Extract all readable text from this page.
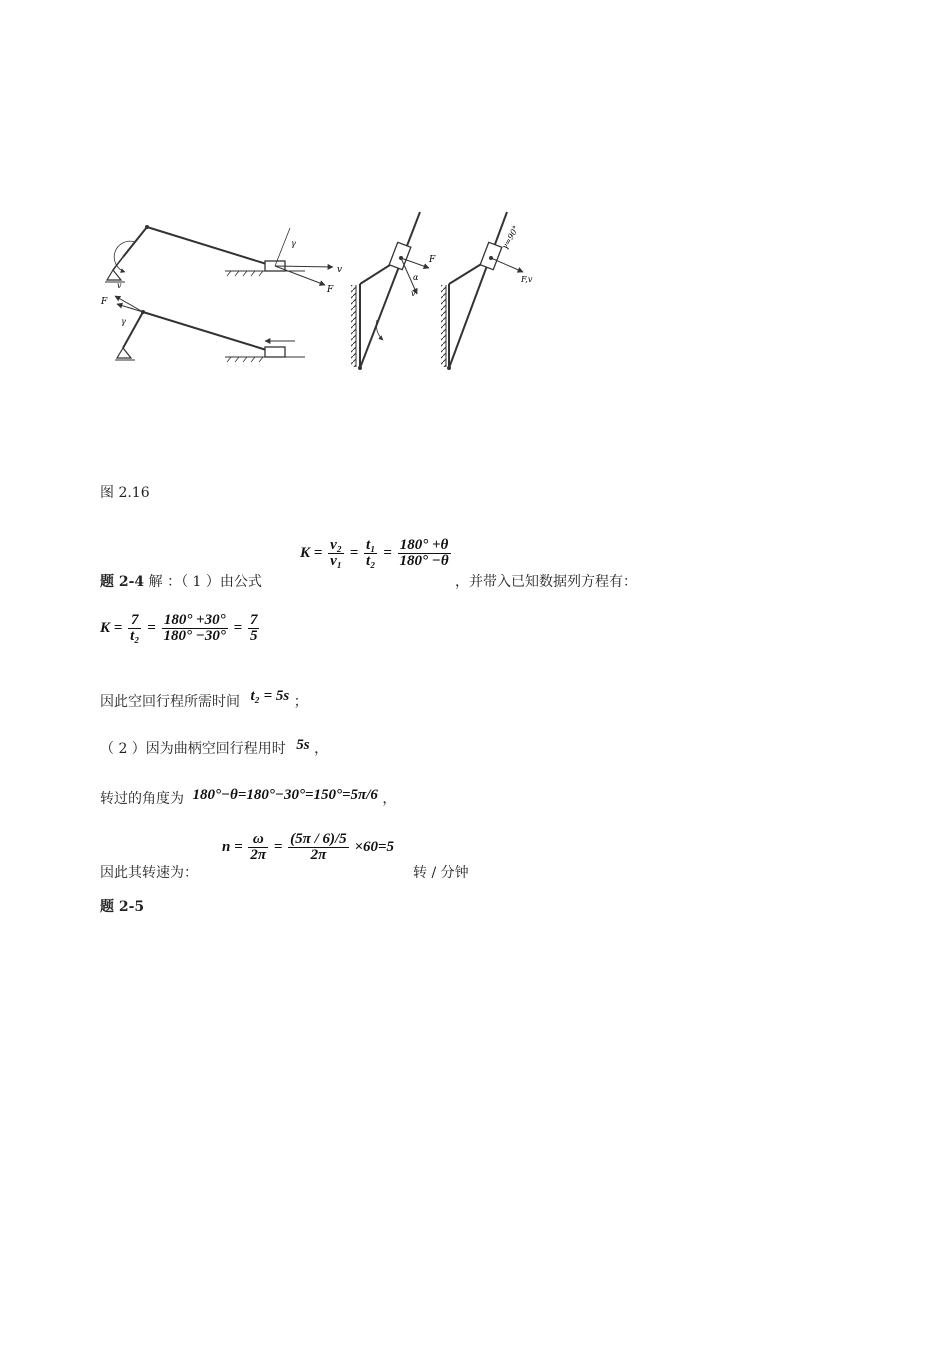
v
F
γ
F
v
γ
F
v
α
γ=90°
F,v
图 2.16
题 2-4 解 ：（ 1 ）由公式
$K = \frac{\text{v₂}}{\text{v₁}} = \frac{\text{t₁}}{\text{t₂}} = \frac{180^\circ +\theta}{180^\circ -\theta}$
，并带入已知数据列方程有：
$K = \frac{7}{\text{t₂}} = \frac{180^\circ +30^\circ}{180^\circ -30^\circ} = \frac{7}{5}$
因此空回行程所需时间 t₂ = 5s ；
（ 2 ）因为曲柄空回行程用时 5s ，
转过的角度为 180°−θ=180°−30°=150°=5π/6 ，
因此其转速为：
$n = \frac{\omega}{2\pi} = \frac{(5\pi / 6)/5}{2\pi} \times 60=5$
转 / 分钟
题 2-5
